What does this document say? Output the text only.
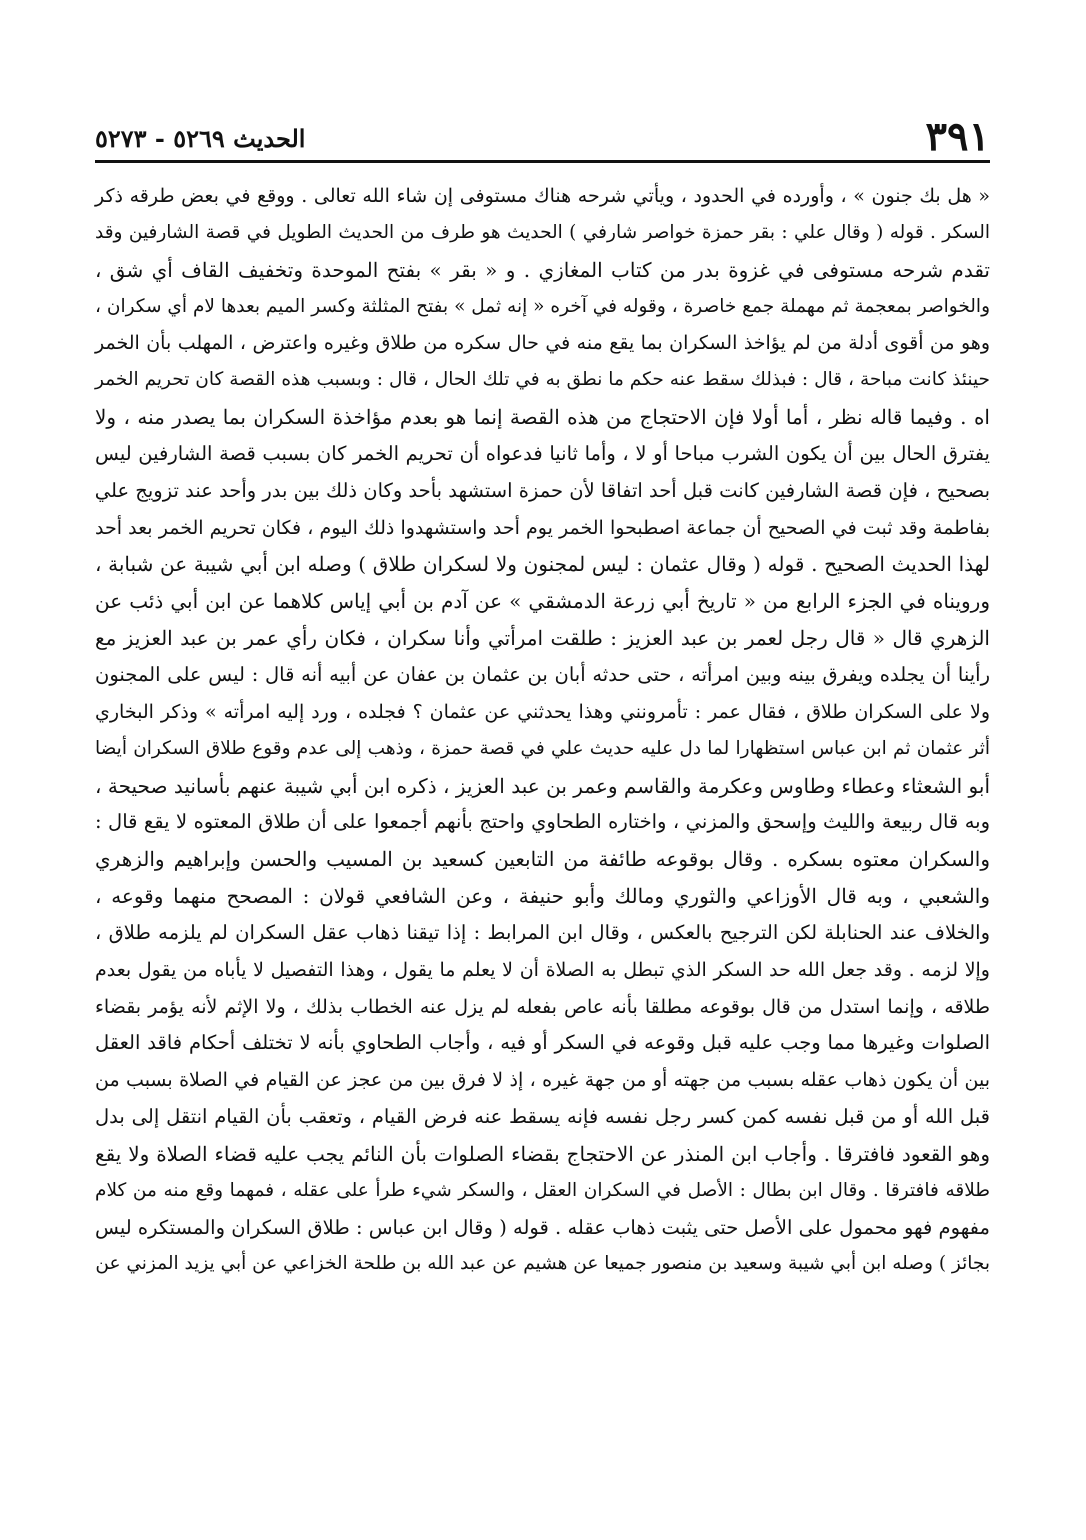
٣٩١
الحديث ٥٢٦٩ - ٥٢٧٣
« هل بك جنون » ، وأورده في الحدود ، ويأتي شرحه هناك مستوفى إن شاء الله تعالى . ووقع في بعض طرقه ذكر
السكر . قوله ( وقال علي : بقر حمزة خواصر شارفي ) الحديث هو طرف من الحديث الطويل في قصة الشارفين وقد
تقدم شرحه مستوفى في غزوة بدر من كتاب المغازي . و « بقر » بفتح الموحدة وتخفيف القاف أي شق ،
والخواصر بمعجمة ثم مهملة جمع خاصرة ، وقوله في آخره « إنه ثمل » بفتح المثلثة وكسر الميم بعدها لام أي سكران ،
وهو من أقوى أدلة من لم يؤاخذ السكران بما يقع منه في حال سكره من طلاق وغيره واعترض ، المهلب بأن الخمر
حينئذ كانت مباحة ، قال : فبذلك سقط عنه حكم ما نطق به في تلك الحال ، قال : وبسبب هذه القصة كان تحريم الخمر
اه . وفيما قاله نظر ، أما أولا فإن الاحتجاج من هذه القصة إنما هو بعدم مؤاخذة السكران بما يصدر منه ، ولا
يفترق الحال بين أن يكون الشرب مباحا أو لا ، وأما ثانيا فدعواه أن تحريم الخمر كان بسبب قصة الشارفين ليس
بصحيح ، فإن قصة الشارفين كانت قبل أحد اتفاقا لأن حمزة استشهد بأحد وكان ذلك بين بدر وأحد عند تزويج علي
بفاطمة وقد ثبت في الصحيح أن جماعة اصطبحوا الخمر يوم أحد واستشهدوا ذلك اليوم ، فكان تحريم الخمر بعد أحد
لهذا الحديث الصحيح . قوله ( وقال عثمان : ليس لمجنون ولا لسكران طلاق ) وصله ابن أبي شيبة عن شبابة ،
ورويناه في الجزء الرابع من « تاريخ أبي زرعة الدمشقي » عن آدم بن أبي إياس كلاهما عن ابن أبي ذئب عن
الزهري قال « قال رجل لعمر بن عبد العزيز : طلقت امرأتي وأنا سكران ، فكان رأي عمر بن عبد العزيز مع
رأينا أن يجلده ويفرق بينه وبين امرأته ، حتى حدثه أبان بن عثمان بن عفان عن أبيه أنه قال : ليس على المجنون
ولا على السكران طلاق ، فقال عمر : تأمرونني وهذا يحدثني عن عثمان ؟ فجلده ، ورد إليه امرأته » وذكر البخاري
أثر عثمان ثم ابن عباس استظهارا لما دل عليه حديث علي في قصة حمزة ، وذهب إلى عدم وقوع طلاق السكران أيضا
أبو الشعثاء وعطاء وطاوس وعكرمة والقاسم وعمر بن عبد العزيز ، ذكره ابن أبي شيبة عنهم بأسانيد صحيحة ،
وبه قال ربيعة والليث وإسحق والمزني ، واختاره الطحاوي واحتج بأنهم أجمعوا على أن طلاق المعتوه لا يقع قال :
والسكران معتوه بسكره . وقال بوقوعه طائفة من التابعين كسعيد بن المسيب والحسن وإبراهيم والزهري
والشعبي ، وبه قال الأوزاعي والثوري ومالك وأبو حنيفة ، وعن الشافعي قولان : المصحح منهما وقوعه ،
والخلاف عند الحنابلة لكن الترجيح بالعكس ، وقال ابن المرابط : إذا تيقنا ذهاب عقل السكران لم يلزمه طلاق ،
وإلا لزمه . وقد جعل الله حد السكر الذي تبطل به الصلاة أن لا يعلم ما يقول ، وهذا التفصيل لا يأباه من يقول بعدم
طلاقه ، وإنما استدل من قال بوقوعه مطلقا بأنه عاص بفعله لم يزل عنه الخطاب بذلك ، ولا الإثم لأنه يؤمر بقضاء
الصلوات وغيرها مما وجب عليه قبل وقوعه في السكر أو فيه ، وأجاب الطحاوي بأنه لا تختلف أحكام فاقد العقل
بين أن يكون ذهاب عقله بسبب من جهته أو من جهة غيره ، إذ لا فرق بين من عجز عن القيام في الصلاة بسبب من
قبل الله أو من قبل نفسه كمن كسر رجل نفسه فإنه يسقط عنه فرض القيام ، وتعقب بأن القيام انتقل إلى بدل
وهو القعود فافترقا . وأجاب ابن المنذر عن الاحتجاج بقضاء الصلوات بأن النائم يجب عليه قضاء الصلاة ولا يقع
طلاقه فافترقا . وقال ابن بطال : الأصل في السكران العقل ، والسكر شيء طرأ على عقله ، فمهما وقع منه من كلام
مفهوم فهو محمول على الأصل حتى يثبت ذهاب عقله . قوله ( وقال ابن عباس : طلاق السكران والمستكره ليس
بجائز ) وصله ابن أبي شيبة وسعيد بن منصور جميعا عن هشيم عن عبد الله بن طلحة الخزاعي عن أبي يزيد المزني عن
